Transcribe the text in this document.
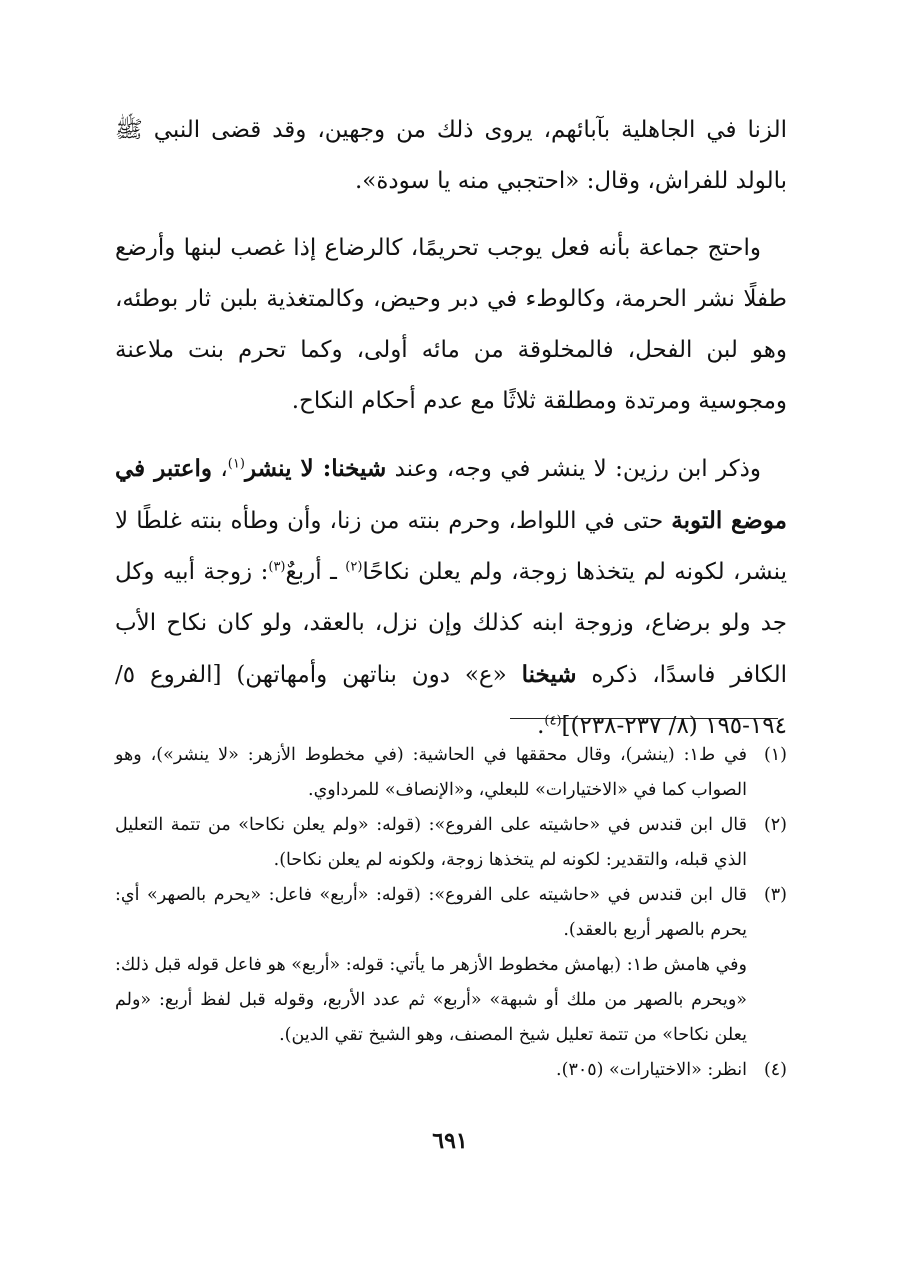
الزنا في الجاهلية بآبائهم، يروى ذلك من وجهين، وقد قضى النبي ﷺ بالولد للفراش، وقال: «احتجبي منه يا سودة».

واحتج جماعة بأنه فعل يوجب تحريمًا، كالرضاع إذا غصب لبنها وأرضع طفلًا نشر الحرمة، وكالوطء في دبر وحيض، وكالمتغذية بلبن ثار بوطئه، وهو لبن الفحل، فالمخلوقة من مائه أولى، وكما تحرم بنت ملاعنة ومجوسية ومرتدة ومطلقة ثلاثًا مع عدم أحكام النكاح.

وذكر ابن رزين: لا ينشر في وجه، وعند شيخنا: لا ينشر$^{(١)}$، واعتبر في موضع التوبة حتى في اللواط، وحرم بنته من زنا، وأن وطأه بنته غلطًا لا ينشر، لكونه لم يتخذها زوجة، ولم يعلن نكاحًا$^{(٢)}$ ـ أربعٌ$^{(٣)}$: زوجة أبيه وكل جد ولو برضاع، وزوجة ابنه كذلك وإن نزل، بالعقد، ولو كان نكاح الأب الكافر فاسدًا، ذكره شيخنا «ع» دون بناتهن وأمهاتهن) [الفروع ٥/ ١٩٤-١٩٥ (٨/ ٢٣٧-٢٣٨)]$^{(٤)}$.

(١)
في ط١: (ينشر)، وقال محققها في الحاشية: (في مخطوط الأزهر: «لا ينشر»)، وهو الصواب كما في «الاختيارات» للبعلي، و«الإنصاف» للمرداوي.
(٢)
قال ابن قندس في «حاشيته على الفروع»: (قوله: «ولم يعلن نكاحا» من تتمة التعليل الذي قبله، والتقدير: لكونه لم يتخذها زوجة، ولكونه لم يعلن نكاحا).
(٣)
قال ابن قندس في «حاشيته على الفروع»: (قوله: «أربع» فاعل: «يحرم بالصهر» أي: يحرم بالصهر أربع بالعقد).
وفي هامش ط١: (بهامش مخطوط الأزهر ما يأتي: قوله: «أربع» هو فاعل قوله قبل ذلك: «ويحرم بالصهر من ملك أو شبهة» «أربع» ثم عدد الأربع، وقوله قبل لفظ أربع: «ولم يعلن نكاحا» من تتمة تعليل شيخ المصنف، وهو الشيخ تقي الدين).
(٤)
انظر: «الاختيارات» (٣٠٥).
٦٩١
